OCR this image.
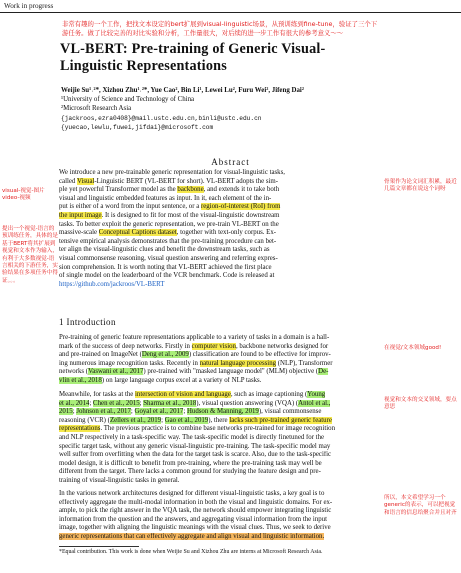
Work in progress
非常有趣的一个工作，把找文本设定的bert扩展到visual-linguistic场景，从预训练到fine-tune，验证了三个下游任务。做了比较完善的对比实验和分析，工作量很大，对后续的进一步工作有很大的参考意义～～
VL-BERT: Pre-training of Generic Visual-
Linguistic Representations
Weijie Su¹˒²*, Xizhou Zhu¹˒²*, Yue Cao², Bin Li¹, Lewei Lu², Furu Wei², Jifeng Dai²
¹University of Science and Technology of China
²Microsoft Research Asia
{jackroos,ezra0408}@mail.ustc.edu.cn,binli@ustc.edu.cn
{yuecao,lewlu,fuwei,jifdai}@microsoft.com
Abstract
We introduce a new pre-trainable generic representation for visual-linguistic tasks,
called Visual-Linguistic BERT (VL-BERT for short). VL-BERT adopts the sim-
ple yet powerful Transformer model as the backbone, and extends it to take both
visual and linguistic embedded features as input. In it, each element of the in-
put is either of a word from the input sentence, or a region-of-interest (RoI) from
the input image. It is designed to fit for most of the visual-linguistic downstream
tasks. To better exploit the generic representation, we pre-train VL-BERT on the
massive-scale Conceptual Captions dataset, together with text-only corpus. Ex-
tensive empirical analysis demonstrates that the pre-training procedure can bet-
ter align the visual-linguistic clues and benefit the downstream tasks, such as
visual commonsense reasoning, visual question answering and referring expres-
sion comprehension. It is worth noting that VL-BERT achieved the first place
of single model on the leaderboard of the VCR benchmark. Code is released at
https://github.com/jackroos/VL-BERT
1 Introduction
Pre-training of generic feature representations applicable to a variety of tasks in a domain is a hall-
mark of the success of deep networks. Firstly in computer vision, backbone networks designed for
and pre-trained on ImageNet (Deng et al., 2009) classification are found to be effective for improv-
ing numerous image recognition tasks. Recently in natural language processing (NLP), Transformer
networks (Vaswani et al., 2017) pre-trained with "masked language model" (MLM) objective (De-
vlin et al., 2018) on large language corpus excel at a variety of NLP tasks.
Meanwhile, for tasks at the intersection of vision and language, such as image captioning (Young
et al., 2014; Chen et al., 2015; Sharma et al., 2018), visual question answering (VQA) (Antol et al.,
2015; Johnson et al., 2017; Goyal et al., 2017; Hudson & Manning, 2019), visual commonsense
reasoning (VCR) (Zellers et al., 2019; Gao et al., 2019), there lacks such pre-trained generic feature
representations. The previous practice is to combine base networks pre-trained for image recognition
and NLP respectively in a task-specific way. The task-specific model is directly finetuned for the
specific target task, without any generic visual-linguistic pre-training. The task-specific model may
well suffer from overfitting when the data for the target task is scarce. Also, due to the task-specific
model design, it is difficult to benefit from pre-training, where the pre-training task may well be
different from the target. There lacks a common ground for studying the feature design and pre-
training of visual-linguistic tasks in general.
In the various network architectures designed for different visual-linguistic tasks, a key goal is to
effectively aggregate the multi-modal information in both the visual and linguistic domains. For ex-
ample, to pick the right answer in the VQA task, the network should empower integrating linguistic
information from the question and the answers, and aggregating visual information from the input
image, together with aligning the linguistic meanings with the visual clues. Thus, we seek to derive
generic representations that can effectively aggregate and align visual and linguistic information.
*Equal contribution. This work is done when Weijie Su and Xizhou Zhu are interns at Microsoft Research Asia.
visual-视觉-图片video-视频
提出一个视觉-语言的预训练任务，具体的是基于BERT将其扩展到视觉和文本作为输入，有利于大多数视觉-语言相关的下游任务，实验结果在多项任务中得证。。。
骨架作为论文词汇积累，最近几篇文章都在说这个词呀
在视觉/文本领域good!
视觉和文本的交叉领域，要点意思
所以，本文希望学习一个generic的表示，可以把视觉和语言的信息给聚合并且对齐
